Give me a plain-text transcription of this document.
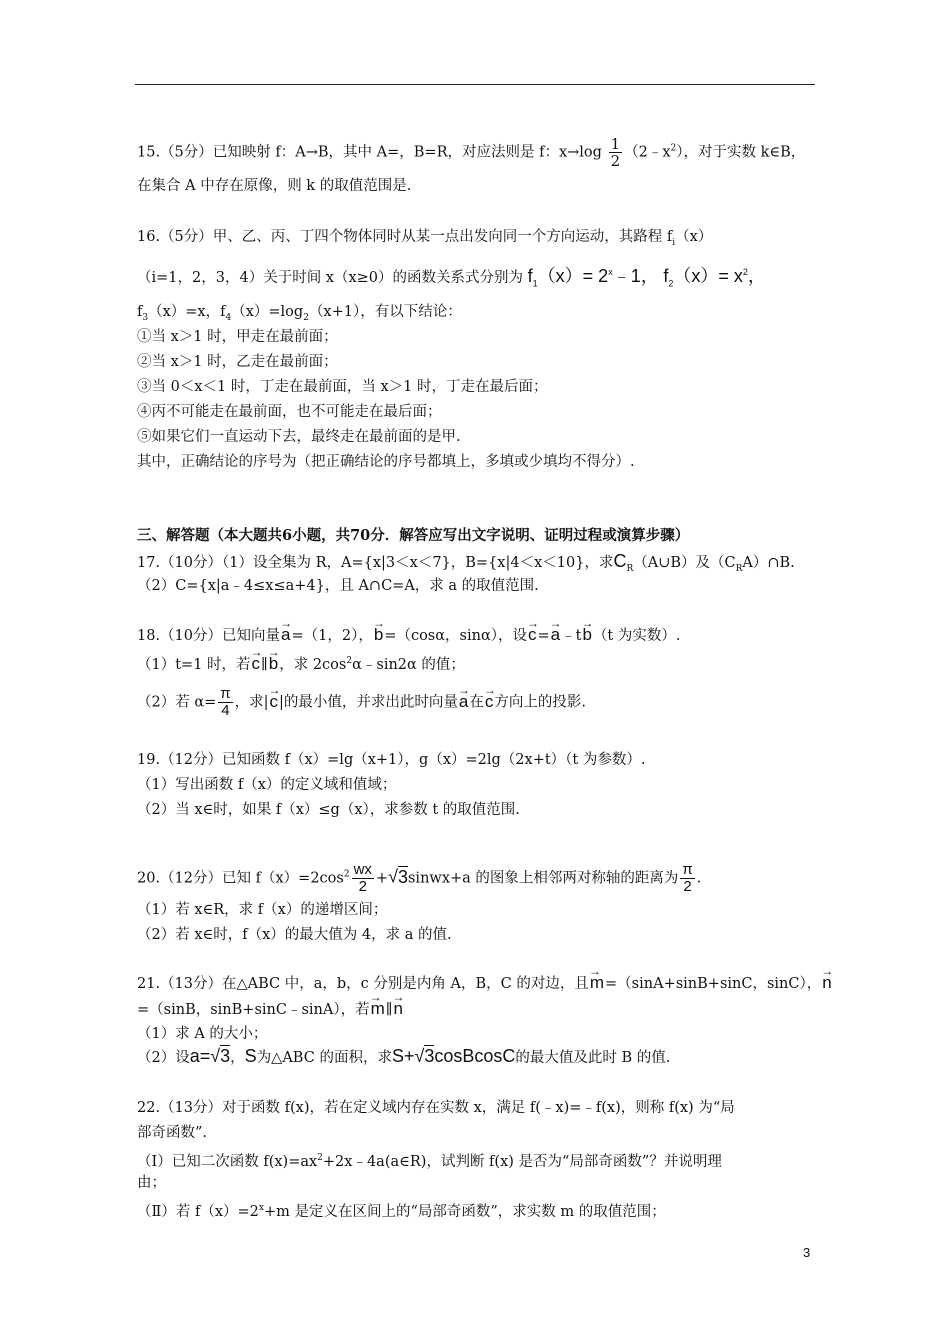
15.（5分）已知映射 f：A→B，其中 A=，B=R，对应法则是 f：$x\to\log \frac{1}{2}$ $(2﹣x^2)$，对于实数 k∈B，
在集合 A 中存在原像，则 k 的取值范围是.
16.（5分）甲、乙、丙、丁四个物体同时从某一点出发向同一个方向运动，其路程 $f_i(x)$
（i=1，2，3，4）关于时间 x（x≥0）的函数关系式分别为 $f_1(x)=$ $2^x﹣1$， $f_2(x)= x^2$，
$f_3(x)=x$，$f_4(x)=\log_2(x+1)$，有以下结论：
①当 x＞1 时，甲走在最前面；
②当 x＞1 时，乙走在最前面；
③当 0＜x＜1 时，丁走在最前面，当 x＞1 时，丁走在最后面；
④丙不可能走在最前面，也不可能走在最后面；
⑤如果它们一直运动下去，最终走在最前面的是甲.
其中，正确结论的序号为（把正确结论的序号都填上，多填或少填均不得分）.
三、解答题（本大题共6小题，共70分．解答应写出文字说明、证明过程或演算步骤）
17.（10分）（1）设全集为 R，A={x|3＜x＜7}，B={x|4＜x＜10}，求$C_R(A\cup B)$及$(C_RA)\cap B$.
（2）C={x|a﹣4≤x≤a+4}，且 A∩C=A，求 a 的取值范围.
18.（10分）已知向量→ a=（1，2），→ b=（cosα，sinα），设→ c=→ a﹣t→ b（t 为实数）.
（1）t=1 时，若→ c∥→ b，求 $2\cos^2\alpha﹣\sin 2\alpha$ 的值；
（2）若 $\alpha= \frac{\pi}{4}$ ，求|→ c|的最小值，并求出此时向量→ a在→ c方向上的投影.
19.（12分）已知函数 f（x）=lg（x+1），g（x）=2lg（2x+t）（t 为参数）.
（1）写出函数 f（x）的定义域和值域；
（2）当 x∈时，如果 f（x）≤g（x），求参数 t 的取值范围.
20.（12分）已知 $f(x)=2\cos^2 \frac{wx}{2}$ +√3sinwx+a 的图象上相邻两对称轴的距离为 $\frac{\pi}{2}$ .
（1）若 x∈R，求 f（x）的递增区间；
（2）若 x∈时，f（x）的最大值为 4，求 a 的值.
21.（13分）在△ABC 中，a，b，c 分别是内角 A，B，C 的对边，且→ m=（sinA+sinB+sinC，sinC），→ n
=（sinB，sinB+sinC﹣sinA），若→ m∥→ n
（1）求 A 的大小；
（2）设a=√3，S为△ABC 的面积，求S+√3cosBcosC的最大值及此时 B 的值.
22.（13分）对于函数 f(x)，若在定义域内存在实数 x，满足 f(﹣x)=﹣f(x)，则称 f(x) 为“局
部奇函数”.
（Ⅰ）已知二次函数 $f(x)=ax^2+2x﹣4a(a\in R)$，试判断 f(x) 是否为“局部奇函数”？并说明理
由；
（Ⅱ）若 $f(x)=2^x+m$ 是定义在区间上的“局部奇函数”，求实数 m 的取值范围；
3
